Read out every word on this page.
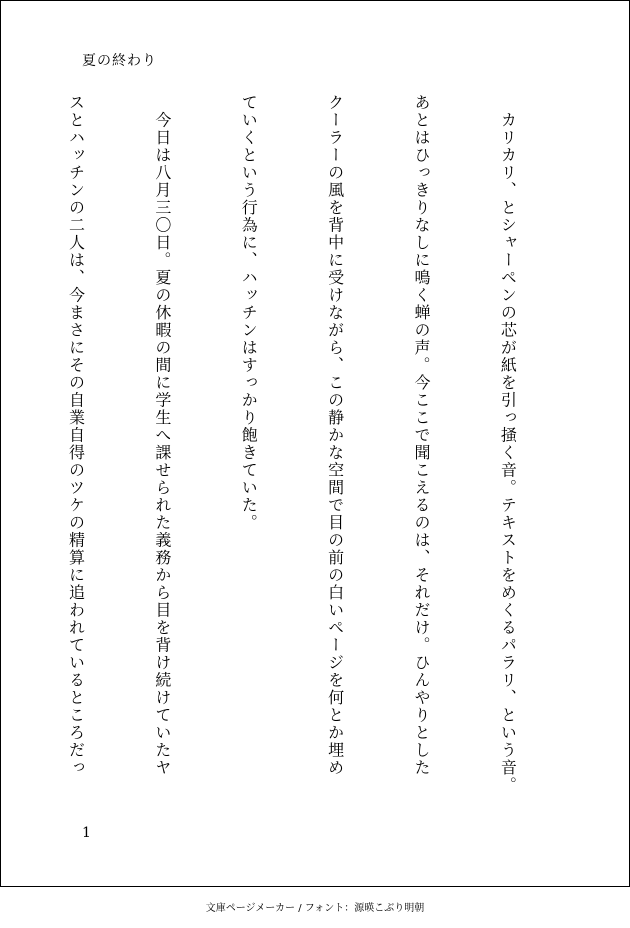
夏の終わり

　カリカリ、とシャーペンの芯が紙を引っ掻く音。テキストをめくるパラリ、という音。

あとはひっきりなしに鳴く蝉の声。今ここで聞こえるのは、それだけ。ひんやりとした

クーラーの風を背中に受けながら、この静かな空間で目の前の白いページを何とか埋め

ていくという行為に、ハッチンはすっかり飽きていた。

　今日は八月三〇日。夏の休暇の間に学生へ課せられた義務から目を背け続けていたヤ

スとハッチンの二人は、今まさにその自業自得のツケの精算に追われているところだっ

1
文庫ページメーカー / フォント：源暎こぶり明朝
